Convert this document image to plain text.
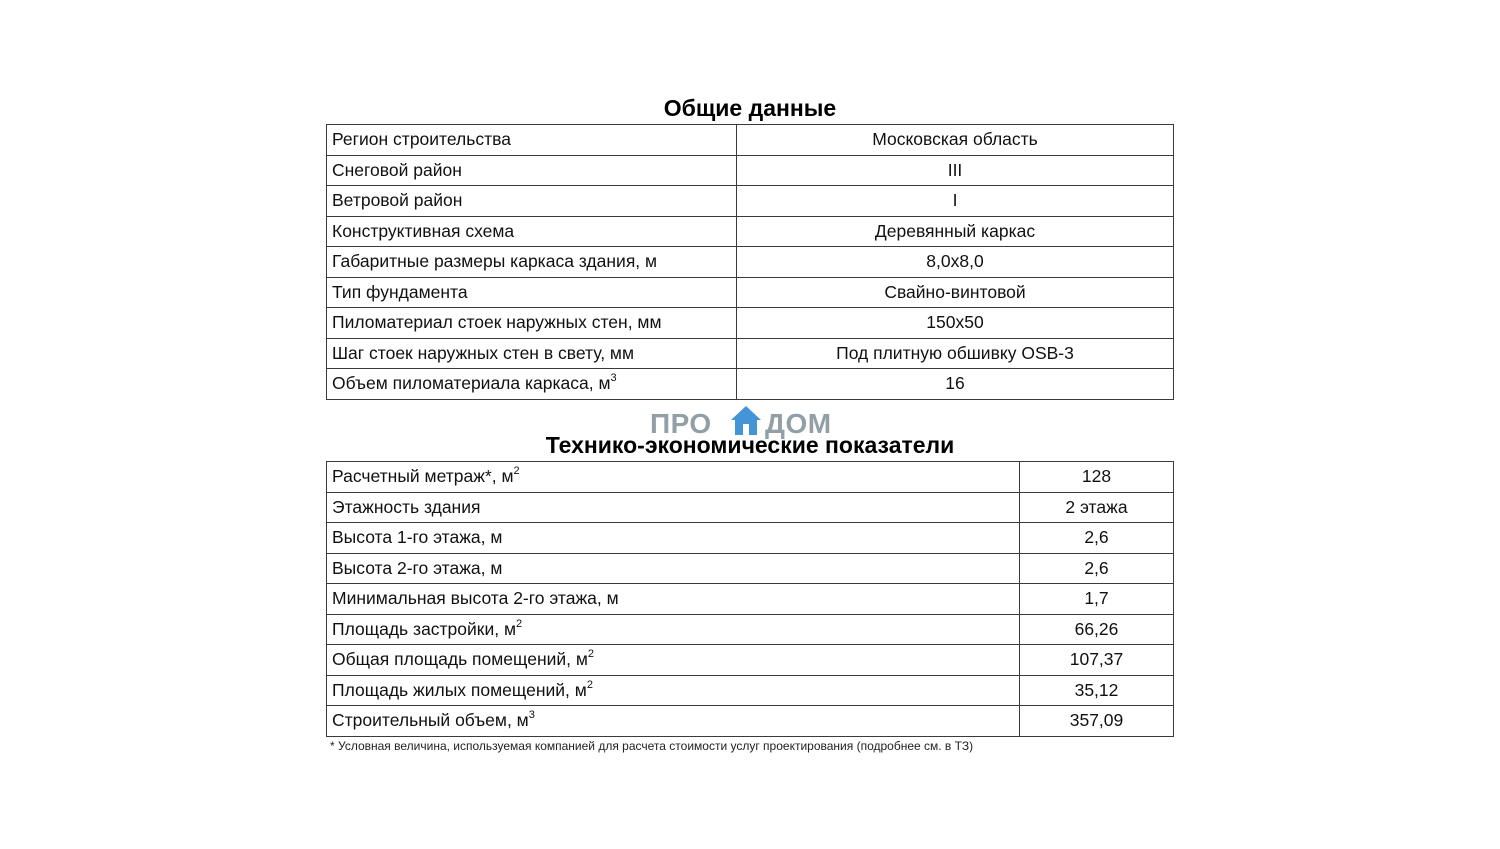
Общие данные
Регион строительства	Московская область
Снеговой район	III
Ветровой район	I
Конструктивная схема	Деревянный каркас
Габаритные размеры каркаса здания, м	8,0х8,0
Тип фундамента	Свайно-винтовой
Пиломатериал стоек наружных стен, мм	150х50
Шаг стоек наружных стен в свету, мм	Под плитную обшивку OSB-3
Объем пиломатериала каркаса, $м^3$	16
ПРО ДОМ
Технико-экономические показатели
Расчетный метраж*, $м^2$	128
Этажность здания	2 этажа
Высота 1-го этажа, м	2,6
Высота 2-го этажа, м	2,6
Минимальная высота 2-го этажа, м	1,7
Площадь застройки, $м^2$	66,26
Общая площадь помещений, $м^2$	107,37
Площадь жилых помещений, $м^2$	35,12
Строительный объем, $м^3$	357,09
* Условная величина, используемая компанией для расчета стоимости услуг проектирования (подробнее см. в ТЗ)
